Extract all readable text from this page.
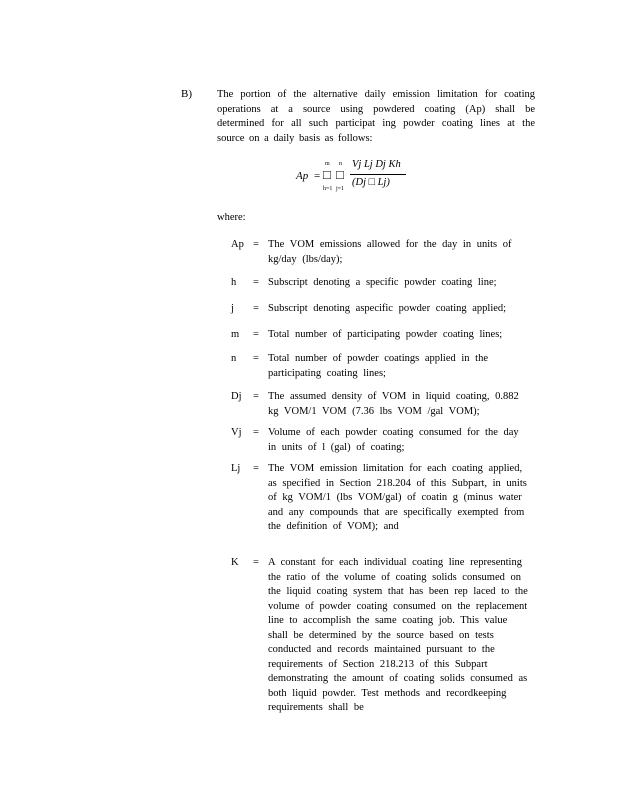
B) The portion of the alternative daily emission limitation for coating operations at a source using powdered coating (Ap) shall be determined for all such participat ing powder coating lines at the source on a daily basis as follows:
Ap = □
m
h=1
□
n
j=1
Vj Lj Dj Kh
(Dj □ Lj)
where:
Ap = The VOM emissions allowed for the day in units of kg/day (lbs/day);
h = Subscript denoting a specific powder coating line;
j = Subscript denoting aspecific powder coating applied;
m = Total number of participating powder coating lines;
n = Total number of powder coatings applied in the participating coating lines;
Dj = The assumed density of VOM in liquid coating, 0.882 kg VOM/1 VOM (7.36 lbs VOM /gal VOM);
Vj = Volume of each powder coating consumed for the day in units of l (gal) of coating;
Lj = The VOM emission limitation for each coating applied, as specified in Section 218.204 of this Subpart, in units of kg VOM/1 (lbs VOM/gal) of coatin g (minus water and any compounds that are specifically exempted from the definition of VOM); and
K = A constant for each individual coating line representing the ratio of the volume of coating solids consumed on the liquid coating system that has been rep laced to the volume of powder coating consumed on the replacement line to accomplish the same coating job. This value shall be determined by the source based on tests conducted and records maintained pursuant to the requirements of Section 218.213 of this Subpart demonstrating the amount of coating solids consumed as both liquid powder. Test methods and recordkeeping requirements shall be
